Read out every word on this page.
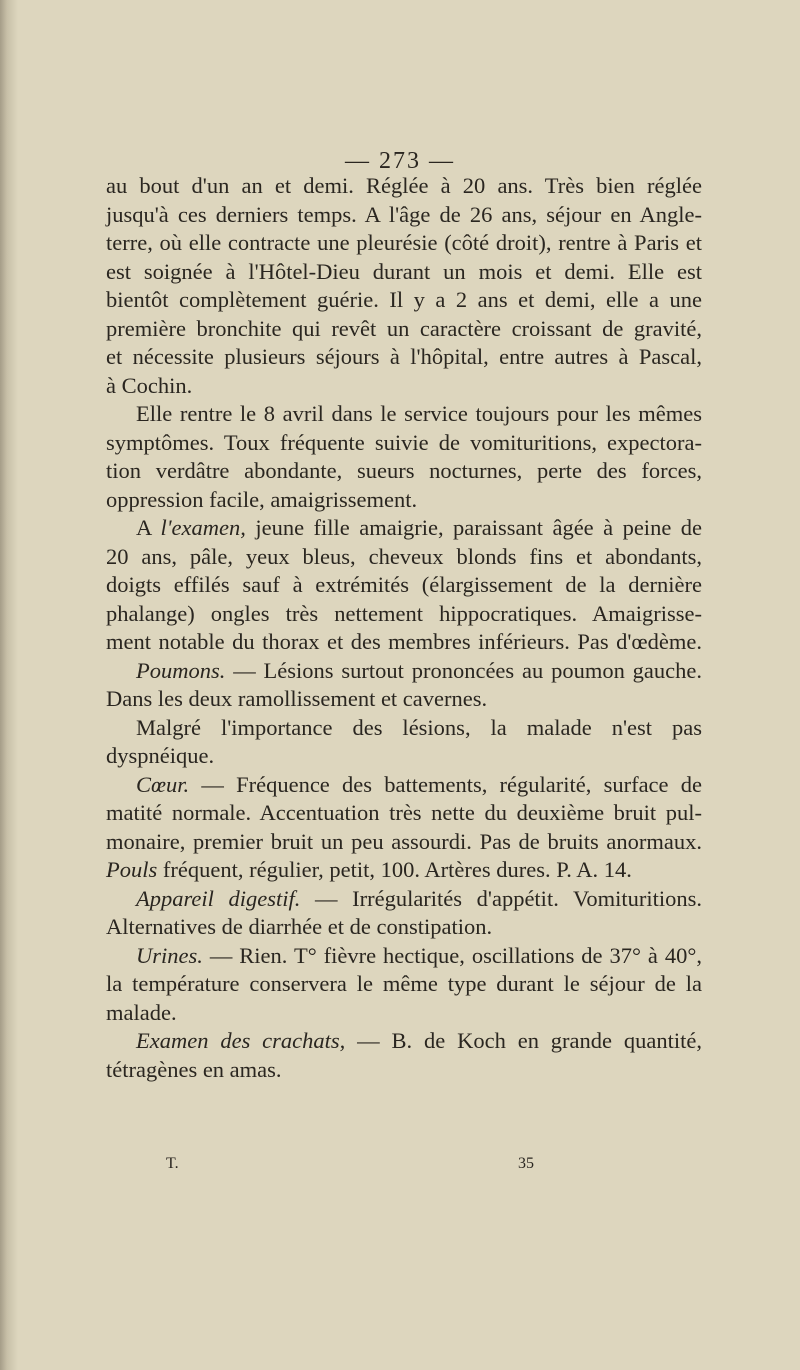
— 273 —

au bout d'un an et demi. Réglée à 20 ans. Très bien réglée

jusqu'à ces derniers temps. A l'âge de 26 ans, séjour en Angle-

terre, où elle contracte une pleurésie (côté droit), rentre à Paris et

est soignée à l'Hôtel-Dieu durant un mois et demi. Elle est

bientôt complètement guérie. Il y a 2 ans et demi, elle a une

première bronchite qui revêt un caractère croissant de gravité,

et nécessite plusieurs séjours à l'hôpital, entre autres à Pascal,

à Cochin.

Elle rentre le 8 avril dans le service toujours pour les mêmes

symptômes. Toux fréquente suivie de vomituritions, expectora-

tion verdâtre abondante, sueurs nocturnes, perte des forces,

oppression facile, amaigrissement.

A l'examen, jeune fille amaigrie, paraissant âgée à peine de

20 ans, pâle, yeux bleus, cheveux blonds fins et abondants,

doigts effilés sauf à extrémités (élargissement de la dernière

phalange) ongles très nettement hippocratiques. Amaigrisse-

ment notable du thorax et des membres inférieurs. Pas d'œdème.

Poumons. — Lésions surtout prononcées au poumon gauche.

Dans les deux ramollissement et cavernes.

Malgré l'importance des lésions, la malade n'est pas

dyspnéique.

Cœur. — Fréquence des battements, régularité, surface de

matité normale. Accentuation très nette du deuxième bruit pul-

monaire, premier bruit un peu assourdi. Pas de bruits anormaux.

Pouls fréquent, régulier, petit, 100. Artères dures. P. A. 14.

Appareil digestif. — Irrégularités d'appétit. Vomituritions.

Alternatives de diarrhée et de constipation.

Urines. — Rien. T° fièvre hectique, oscillations de 37° à 40°,

la température conservera le même type durant le séjour de la

malade.

Examen des crachats, — B. de Koch en grande quantité,

tétragènes en amas.

T.	35
